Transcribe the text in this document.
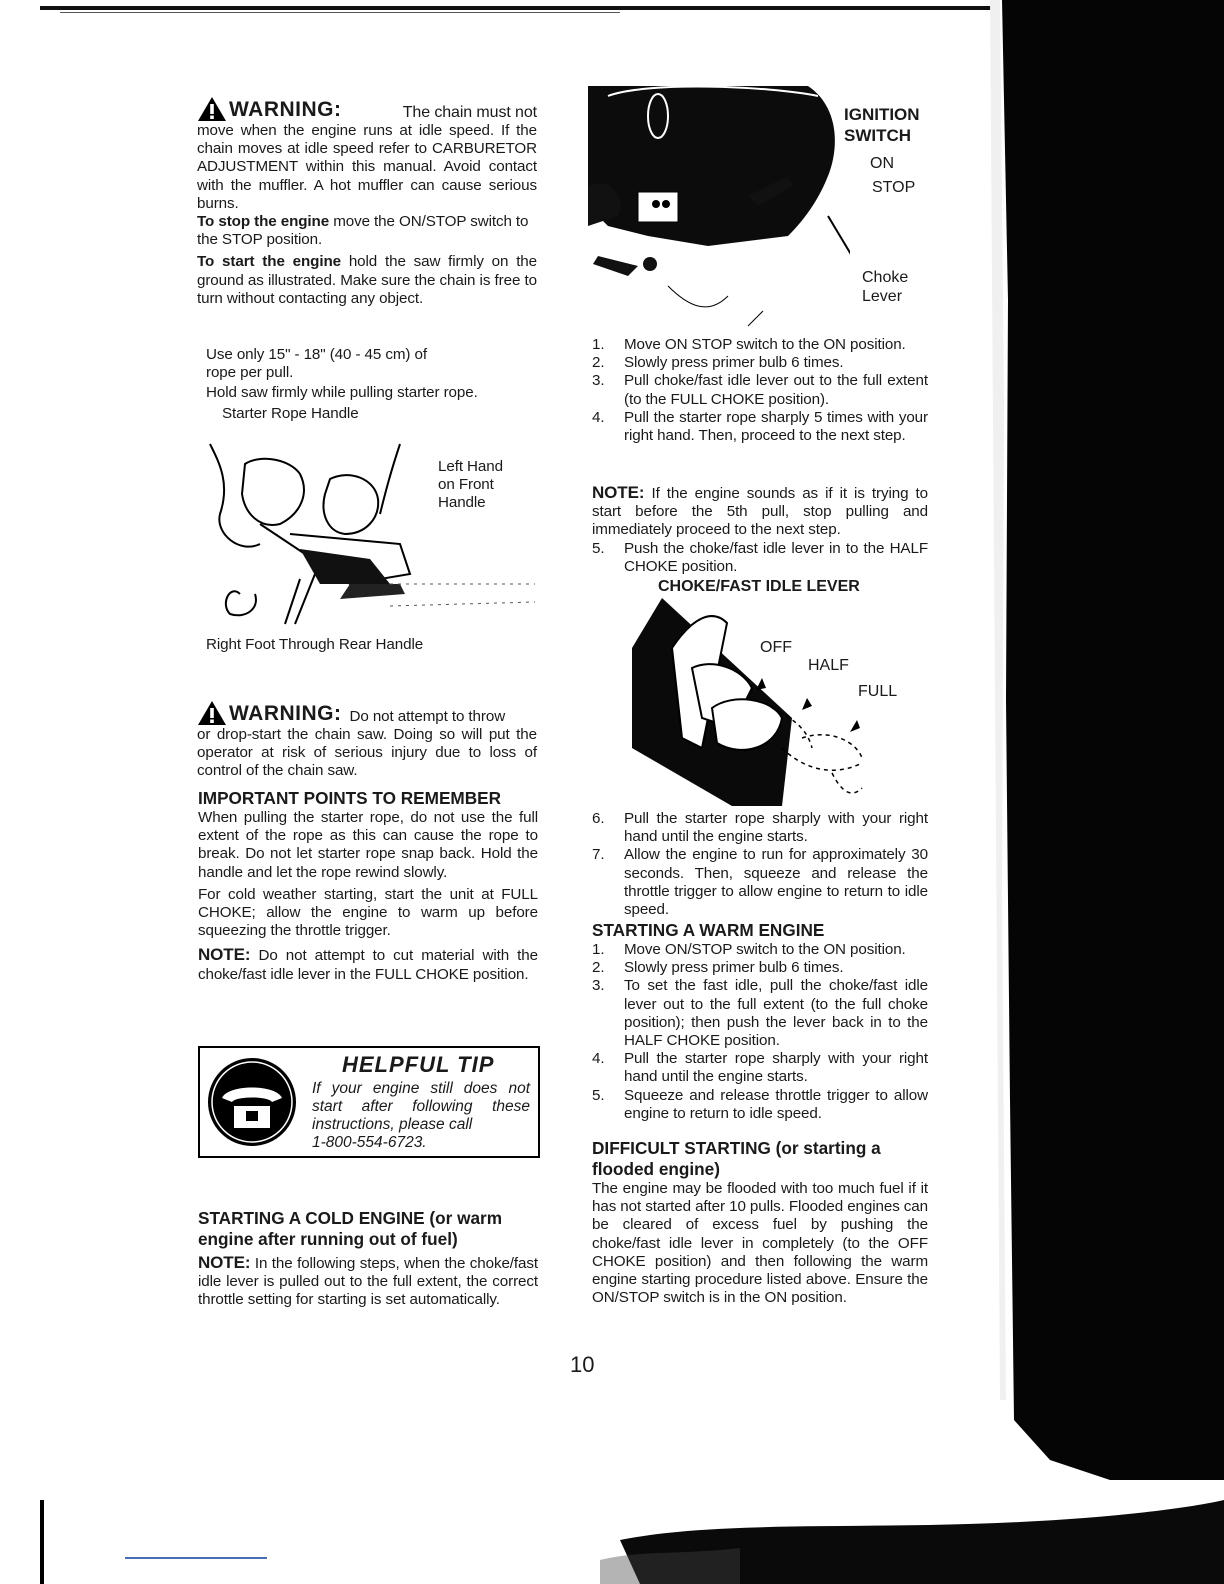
WARNING:	The chain must not
move when the engine runs at idle speed. If the chain moves at idle speed refer to CARBURETOR ADJUSTMENT within this manual. Avoid contact with the muffler. A hot muffler can cause serious burns.
To stop the engine move the ON/STOP switch to the STOP position.
To start the engine hold the saw firmly on the ground as illustrated. Make sure the chain is free to turn without contacting any object.
Use only 15" - 18" (40 - 45 cm) of
rope per pull.
Hold saw firmly while pulling starter rope.
Starter Rope Handle
Left Hand
on Front
Handle
Right Foot Through Rear Handle
WARNING: Do not attempt to throw
or drop-start the chain saw. Doing so will put the operator at risk of serious injury due to loss of control of the chain saw.
IMPORTANT POINTS TO REMEMBER
When pulling the starter rope, do not use the full extent of the rope as this can cause the rope to break. Do not let starter rope snap back. Hold the handle and let the rope rewind slowly.
For cold weather starting, start the unit at FULL CHOKE; allow the engine to warm up before squeezing the throttle trigger.
NOTE: Do not attempt to cut material with the choke/fast idle lever in the FULL CHOKE position.
HELPFUL TIP
If your engine still does not start after following these instructions, please call
1-800-554-6723.
STARTING A COLD ENGINE (or warm engine after running out of fuel)
NOTE: In the following steps, when the choke/fast idle lever is pulled out to the full extent, the correct throttle setting for starting is set automatically.
IGNITION
SWITCH
ON
STOP
Choke
Lever
1. Move ON STOP switch to the ON position.
2. Slowly press primer bulb 6 times.
3. Pull choke/fast idle lever out to the full extent (to the FULL CHOKE position).
4. Pull the starter rope sharply 5 times with your right hand. Then, proceed to the next step.
NOTE: If the engine sounds as if it is trying to start before the 5th pull, stop pulling and immediately proceed to the next step.
5. Push the choke/fast idle lever in to the HALF CHOKE position.
CHOKE/FAST IDLE LEVER
OFF
HALF
FULL
6. Pull the starter rope sharply with your right hand until the engine starts.
7. Allow the engine to run for approximately 30 seconds. Then, squeeze and release the throttle trigger to allow engine to return to idle speed.
STARTING A WARM ENGINE
1. Move ON/STOP switch to the ON position.
2. Slowly press primer bulb 6 times.
3. To set the fast idle, pull the choke/fast idle lever out to the full extent (to the full choke position); then push the lever back in to the HALF CHOKE position.
4. Pull the starter rope sharply with your right hand until the engine starts.
5. Squeeze and release throttle trigger to allow engine to return to idle speed.
DIFFICULT STARTING (or starting a flooded engine)
The engine may be flooded with too much fuel if it has not started after 10 pulls. Flooded engines can be cleared of excess fuel by pushing the choke/fast idle lever in completely (to the OFF CHOKE position) and then following the warm engine starting procedure listed above. Ensure the ON/STOP switch is in the ON position.
10
